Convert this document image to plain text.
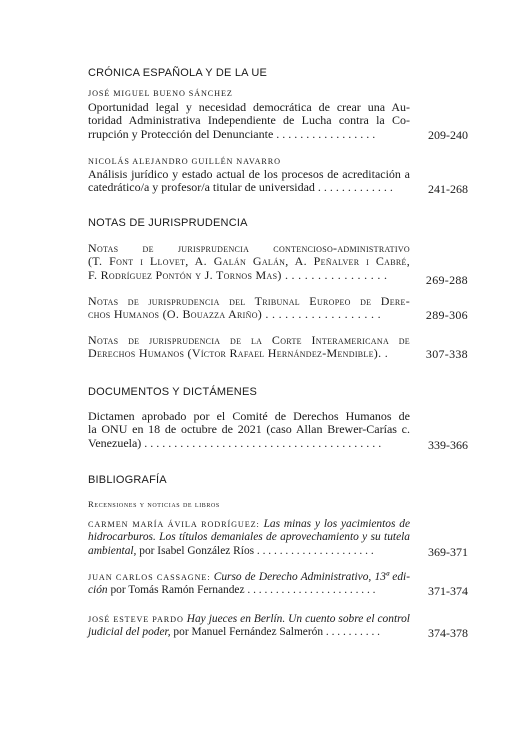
CRÓNICA ESPAÑOLA Y DE LA UE
JOSÉ MIGUEL BUENO SÁNCHEZ
Oportunidad legal y necesidad democrática de crear una Au-
toridad Administrativa Independiente de Lucha contra la Co-
rrupción y Protección del Denunciante . . . . . . . . . . . . . . . . .	209-240
NICOLÁS ALEJANDRO GUILLÉN NAVARRO
Análisis jurídico y estado actual de los procesos de acreditación a
catedrático/a y profesor/a titular de universidad . . . . . . . . . . . . .	241-268
NOTAS DE JURISPRUDENCIA
Notas de jurisprudencia contencioso-administrativo
(T. Font i Llovet, A. Galán Galán, A. Peñalver i Cabré,
F. Rodríguez Pontón y J. Tornos Mas) . . . . . . . . . . . . . . . .	269-288
Notas de jurisprudencia del Tribunal Europeo de Dere-
chos Humanos (O. Bouazza Ariño) . . . . . . . . . . . . . . . . . .	289-306
Notas de jurisprudencia de la Corte Interamericana de
Derechos Humanos (Víctor Rafael Hernández-Mendible). .	307-338
DOCUMENTOS Y DICTÁMENES
Dictamen aprobado por el Comité de Derechos Humanos de
la ONU en 18 de octubre de 2021 (caso Allan Brewer-Carías c.
Venezuela) . . . . . . . . . . . . . . . . . . . . . . . . . . . . . . . . . . . . . . . .	339-366
BIBLIOGRAFÍA
Recensiones y noticias de libros
CARMEN MARÍA ÁVILA RODRÍGUEZ: Las minas y los yacimientos de
hidrocarburos. Los títulos demaniales de aprovechamiento y su tutela
ambiental, por Isabel González Ríos . . . . . . . . . . . . . . . . . . . . .	369-371
JUAN CARLOS CASSAGNE: Curso de Derecho Administrativo, 13ª edi-
ción por Tomás Ramón Fernandez . . . . . . . . . . . . . . . . . . . . . . .	371-374
JOSÉ ESTEVE PARDO Hay jueces en Berlín. Un cuento sobre el control
judicial del poder, por Manuel Fernández Salmerón . . . . . . . . . .	374-378
